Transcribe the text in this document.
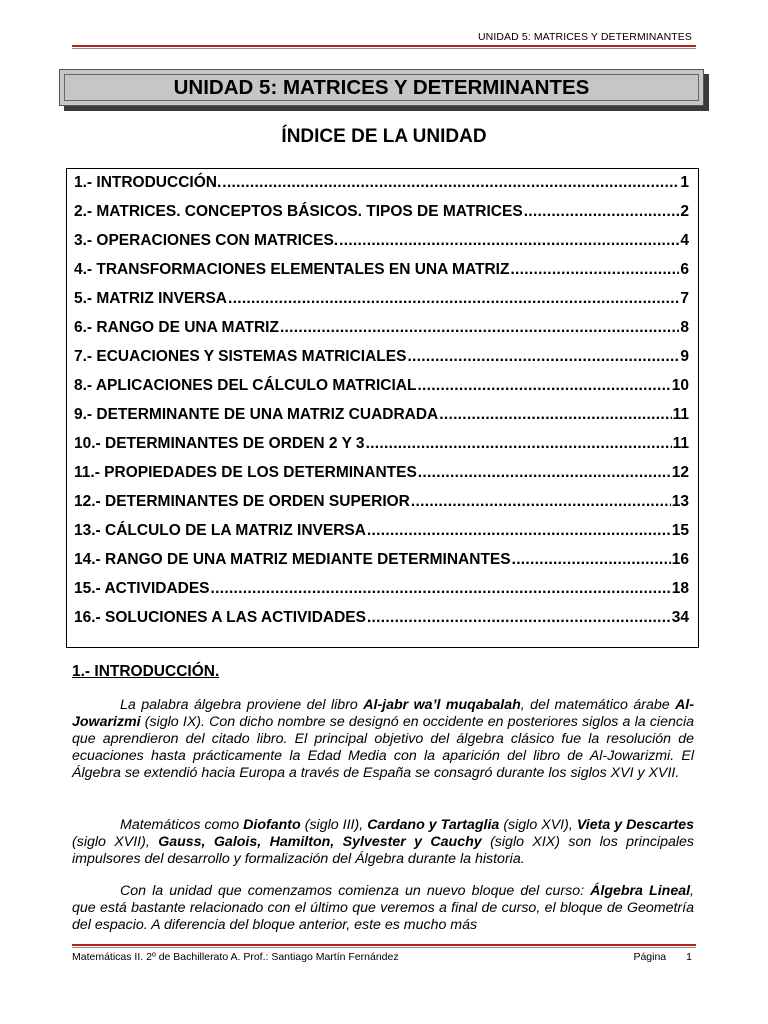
UNIDAD 5: MATRICES Y DETERMINANTES
UNIDAD 5: MATRICES Y DETERMINANTES
ÍNDICE DE LA UNIDAD
1.- INTRODUCCIÓN. .....	1
2.- MATRICES. CONCEPTOS BÁSICOS. TIPOS DE MATRICES .....	2
3.- OPERACIONES CON MATRICES. .....	4
4.- TRANSFORMACIONES ELEMENTALES EN UNA MATRIZ .....	6
5.- MATRIZ INVERSA .....	7
6.- RANGO DE UNA MATRIZ .....	8
7.- ECUACIONES Y SISTEMAS MATRICIALES .....	9
8.- APLICACIONES DEL CÁLCULO MATRICIAL .....	10
9.- DETERMINANTE DE UNA MATRIZ CUADRADA .....	11
10.- DETERMINANTES DE ORDEN 2 Y 3 .....	11
11.- PROPIEDADES DE LOS DETERMINANTES .....	12
12.- DETERMINANTES DE ORDEN SUPERIOR .....	13
13.- CÁLCULO DE LA MATRIZ INVERSA .....	15
14.- RANGO DE UNA MATRIZ MEDIANTE DETERMINANTES .....	16
15.- ACTIVIDADES .....	18
16.- SOLUCIONES A LAS ACTIVIDADES .....	34
1.- INTRODUCCIÓN.
La palabra álgebra proviene del libro Al-jabr wa’l muqabalah, del matemático árabe Al-Jowarizmi (siglo IX). Con dicho nombre se designó en occidente en posteriores siglos a la ciencia que aprendieron del citado libro. El principal objetivo del álgebra clásico fue la resolución de ecuaciones hasta prácticamente la Edad Media con la aparición del libro de Al-Jowarizmi. El Álgebra se extendió hacia Europa a través de España se consagró durante los siglos XVI y XVII.
Matemáticos como Diofanto (siglo III), Cardano y Tartaglia (siglo XVI), Vieta y Descartes (siglo XVII), Gauss, Galois, Hamilton, Sylvester y Cauchy (siglo XIX) son los principales impulsores del desarrollo y formalización del Álgebra durante la historia.
Con la unidad que comenzamos comienza un nuevo bloque del curso: Álgebra Lineal, que está bastante relacionado con el último que veremos a final de curso, el bloque de Geometría del espacio. A diferencia del bloque anterior, este es mucho más
Matemáticas II. 2º de Bachillerato A. Prof.: Santiago Martín Fernández	Página 1
